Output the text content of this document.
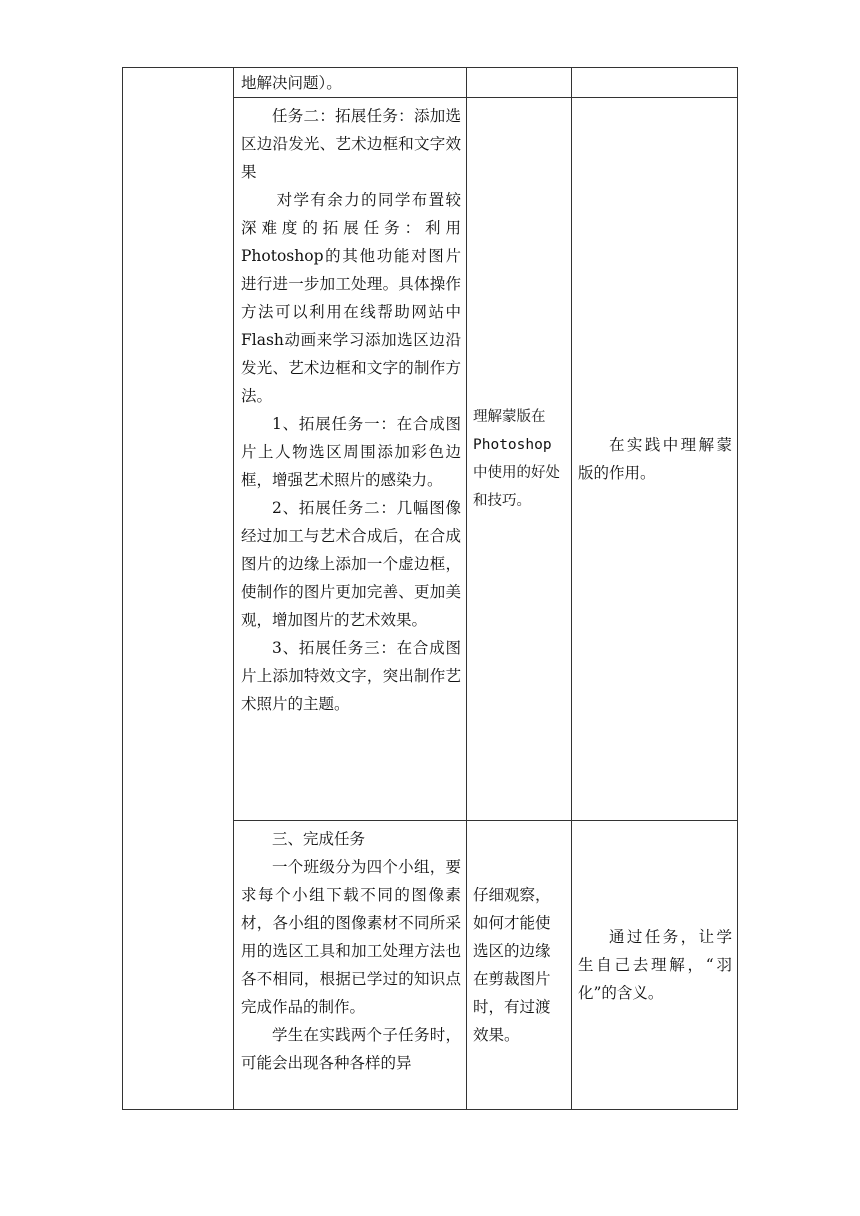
地解决问题）。

任务二：拓展任务：添加选区边沿发光、艺术边框和文字效果

对学有余力的同学布置较深难度的拓展任务：利用Photoshop的其他功能对图片进行进一步加工处理。具体操作方法可以利用在线帮助网站中Flash动画来学习添加选区边沿发光、艺术边框和文字的制作方法。

1、拓展任务一：在合成图片上人物选区周围添加彩色边框，增强艺术照片的感染力。

2、拓展任务二：几幅图像经过加工与艺术合成后，在合成图片的边缘上添加一个虚边框，使制作的图片更加完善、更加美观，增加图片的艺术效果。

3、拓展任务三：在合成图片上添加特效文字，突出制作艺术照片的主题。

理解蒙版在Photoshop中使用的好处和技巧。

在实践中理解蒙版的作用。

三、完成任务

一个班级分为四个小组，要求每个小组下载不同的图像素材，各小组的图像素材不同所采用的选区工具和加工处理方法也各不相同，根据已学过的知识点完成作品的制作。

学生在实践两个子任务时，可能会出现各种各样的异

仔细观察，如何才能使选区的边缘在剪裁图片时，有过渡效果。

通过任务，让学生自己去理解，“羽化”的含义。
